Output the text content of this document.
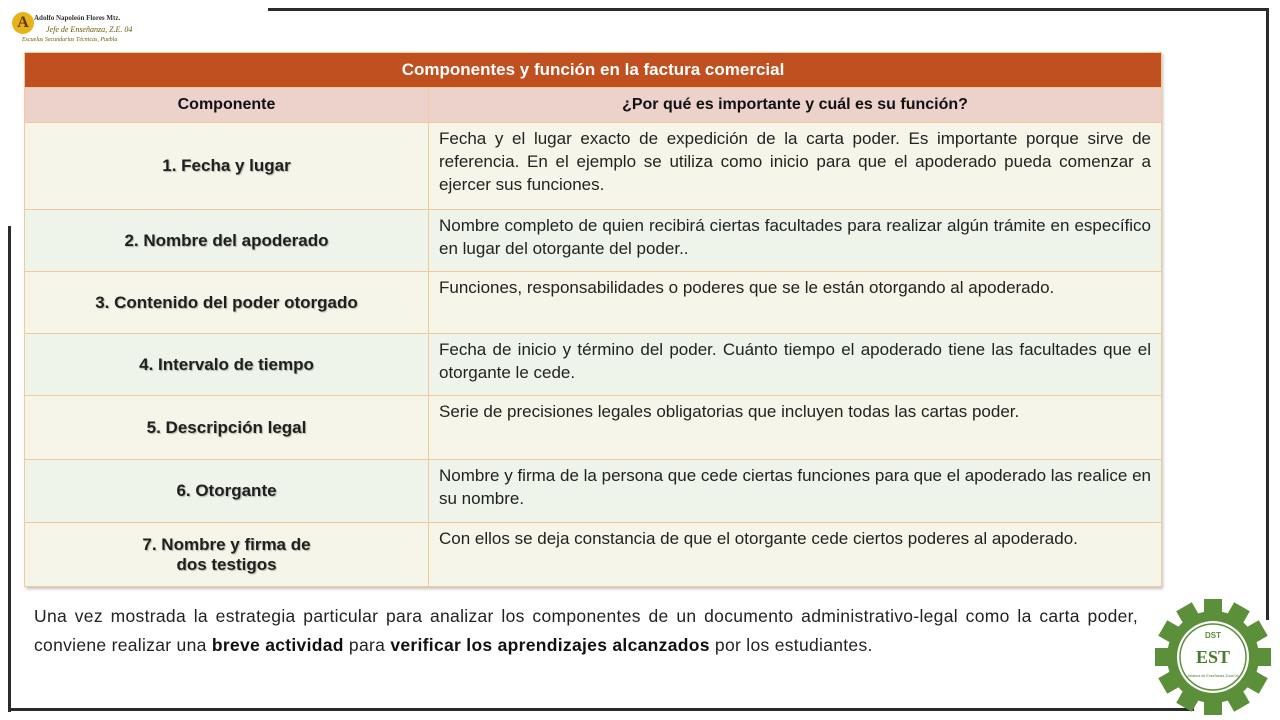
A Adolfo Napoleón Flores Mtz.
Jefe de Enseñanza, Z.E. 04
Escuelas Secundarias Técnicas, Puebla
Componentes y función en la factura comercial	
Componente	¿Por qué es importante y cuál es su función?
1. Fecha y lugar	Fecha y el lugar exacto de expedición de la carta poder. Es importante porque sirve de referencia. En el ejemplo se utiliza como inicio para que el apoderado pueda comenzar a ejercer sus funciones.
2. Nombre del apoderado	Nombre completo de quien recibirá ciertas facultades para realizar algún trámite en específico en lugar del otorgante del poder..
3. Contenido del poder otorgado	Funciones, responsabilidades o poderes que se le están otorgando al apoderado.
4. Intervalo de tiempo	Fecha de inicio y término del poder. Cuánto tiempo el apoderado tiene las facultades que el otorgante le cede.
5. Descripción legal	Serie de precisiones legales obligatorias que incluyen todas las cartas poder.
6. Otorgante	Nombre y firma de la persona que cede ciertas funciones para que el apoderado las realice en su nombre.
7. Nombre y firma de dos testigos	Con ellos se deja constancia de que el otorgante cede ciertos poderes al apoderado.
Una vez mostrada la estrategia particular para analizar los componentes de un documento administrativo-legal como la carta poder, conviene realizar una breve actividad para verificar los aprendizajes alcanzados por los estudiantes.	DST
EST
Jefatura de Enseñanza Zona 04
